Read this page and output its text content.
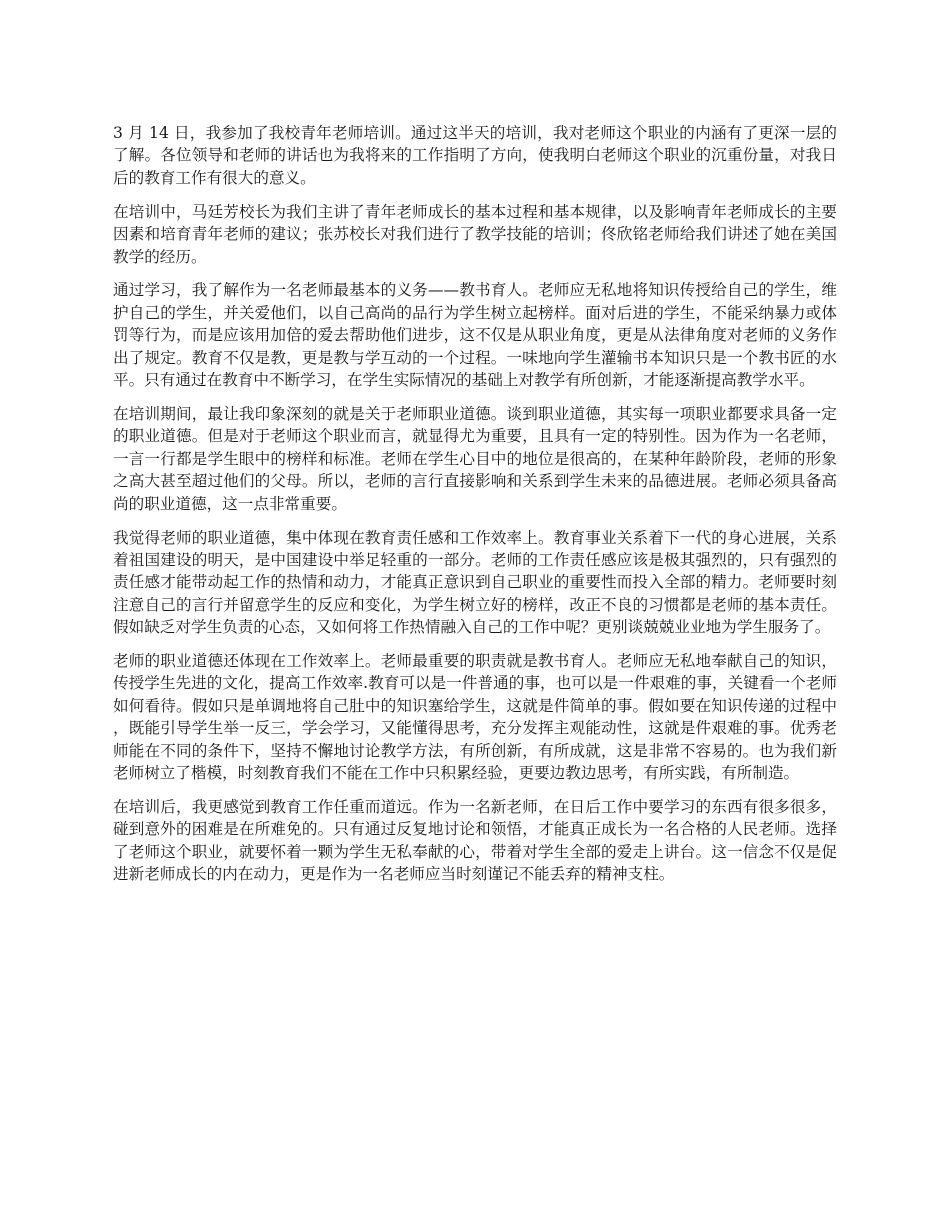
3 月 14 日，我参加了我校青年老师培训。通过这半天的培训，我对老师这个职业的内涵有了更深一层的了解。各位领导和老师的讲话也为我将来的工作指明了方向，使我明白老师这个职业的沉重份量，对我日后的教育工作有很大的意义。

在培训中，马廷芳校长为我们主讲了青年老师成长的基本过程和基本规律，以及影响青年老师成长的主要因素和培育青年老师的建议；张苏校长对我们进行了教学技能的培训；佟欣铭老师给我们讲述了她在美国教学的经历。

通过学习，我了解作为一名老师最基本的义务——教书育人。老师应无私地将知识传授给自己的学生，维护自己的学生，并关爱他们，以自己高尚的品行为学生树立起榜样。面对后进的学生，不能采纳暴力或体罚等行为，而是应该用加倍的爱去帮助他们进步，这不仅是从职业角度，更是从法律角度对老师的义务作出了规定。教育不仅是教，更是教与学互动的一个过程。一味地向学生灌输书本知识只是一个教书匠的水平。只有通过在教育中不断学习，在学生实际情况的基础上对教学有所创新，才能逐渐提高教学水平。

在培训期间，最让我印象深刻的就是关于老师职业道德。谈到职业道德，其实每一项职业都要求具备一定的职业道德。但是对于老师这个职业而言，就显得尤为重要，且具有一定的特别性。因为作为一名老师，一言一行都是学生眼中的榜样和标准。老师在学生心目中的地位是很高的，在某种年龄阶段，老师的形象之高大甚至超过他们的父母。所以，老师的言行直接影响和关系到学生未来的品德进展。老师必须具备高尚的职业道德，这一点非常重要。

我觉得老师的职业道德，集中体现在教育责任感和工作效率上。教育事业关系着下一代的身心进展，关系着祖国建设的明天，是中国建设中举足轻重的一部分。老师的工作责任感应该是极其强烈的，只有强烈的责任感才能带动起工作的热情和动力，才能真正意识到自己职业的重要性而投入全部的精力。老师要时刻注意自己的言行并留意学生的反应和变化，为学生树立好的榜样，改正不良的习惯都是老师的基本责任。假如缺乏对学生负责的心态，又如何将工作热情融入自己的工作中呢？更别谈兢兢业业地为学生服务了。

老师的职业道德还体现在工作效率上。老师最重要的职责就是教书育人。老师应无私地奉献自己的知识，传授学生先进的文化，提高工作效率.教育可以是一件普通的事，也可以是一件艰难的事，关键看一个老师如何看待。假如只是单调地将自己肚中的知识塞给学生，这就是件简单的事。假如要在知识传递的过程中，既能引导学生举一反三，学会学习，又能懂得思考，充分发挥主观能动性，这就是件艰难的事。优秀老师能在不同的条件下，坚持不懈地讨论教学方法，有所创新，有所成就，这是非常不容易的。也为我们新老师树立了楷模，时刻教育我们不能在工作中只积累经验，更要边教边思考，有所实践，有所制造。

在培训后，我更感觉到教育工作任重而道远。作为一名新老师，在日后工作中要学习的东西有很多很多，碰到意外的困难是在所难免的。只有通过反复地讨论和领悟，才能真正成长为一名合格的人民老师。选择了老师这个职业，就要怀着一颗为学生无私奉献的心，带着对学生全部的爱走上讲台。这一信念不仅是促进新老师成长的内在动力，更是作为一名老师应当时刻谨记不能丢弃的精神支柱。
